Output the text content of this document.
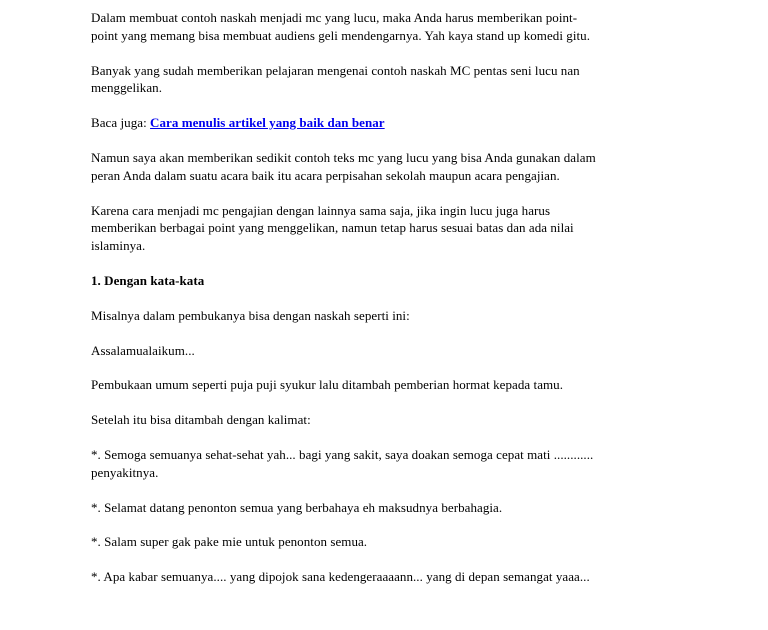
Dalam membuat contoh naskah menjadi mc yang lucu, maka Anda harus memberikan point-
point yang memang bisa membuat audiens geli mendengarnya. Yah kaya stand up komedi gitu.

Banyak yang sudah memberikan pelajaran mengenai contoh naskah MC pentas seni lucu nan
menggelikan.

Baca juga: Cara menulis artikel yang baik dan benar

Namun saya akan memberikan sedikit contoh teks mc yang lucu yang bisa Anda gunakan dalam
peran Anda dalam suatu acara baik itu acara perpisahan sekolah maupun acara pengajian.

Karena cara menjadi mc pengajian dengan lainnya sama saja, jika ingin lucu juga harus
memberikan berbagai point yang menggelikan, namun tetap harus sesuai batas dan ada nilai
islaminya.

1. Dengan kata-kata

Misalnya dalam pembukanya bisa dengan naskah seperti ini:

Assalamualaikum...

Pembukaan umum seperti puja puji syukur lalu ditambah pemberian hormat kepada tamu.

Setelah itu bisa ditambah dengan kalimat:

*. Semoga semuanya sehat-sehat yah... bagi yang sakit, saya doakan semoga cepat mati ............
penyakitnya.

*. Selamat datang penonton semua yang berbahaya eh maksudnya berbahagia.

*. Salam super gak pake mie untuk penonton semua.

*. Apa kabar semuanya.... yang dipojok sana kedengeraaaann... yang di depan semangat yaaa...
